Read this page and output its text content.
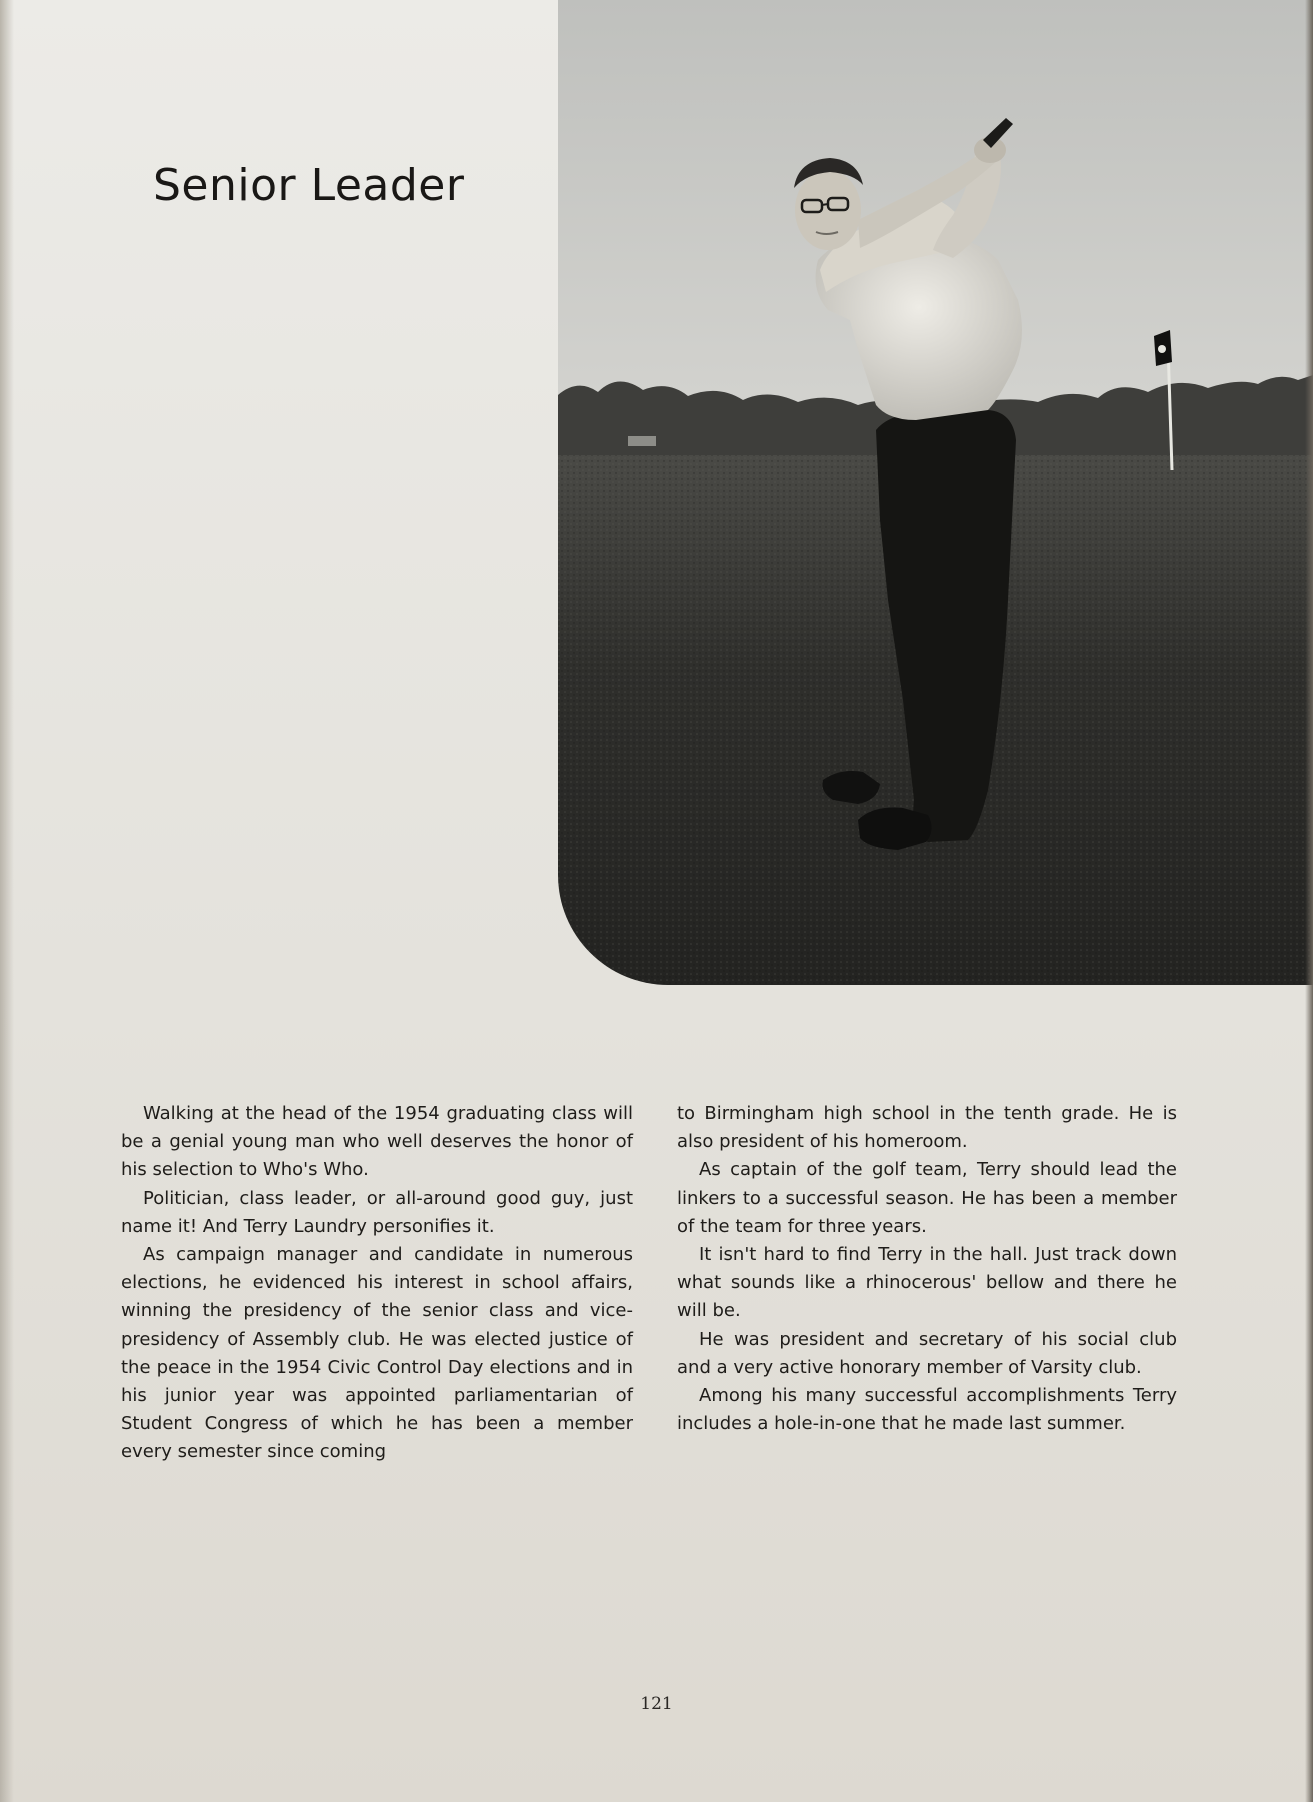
Senior Leader

Walking at the head of the 1954 graduating class will be a genial young man who well deserves the honor of his selection to Who's Who.

Politician, class leader, or all-around good guy, just name it! And Terry Laundry personifies it.

As campaign manager and candidate in numerous elections, he evidenced his interest in school affairs, winning the presidency of the senior class and vice-presidency of Assembly club. He was elected justice of the peace in the 1954 Civic Control Day elections and in his junior year was appointed parliamentarian of Student Congress of which he has been a member every semester since coming

to Birmingham high school in the tenth grade. He is also president of his homeroom.

As captain of the golf team, Terry should lead the linkers to a successful season. He has been a member of the team for three years.

It isn't hard to find Terry in the hall. Just track down what sounds like a rhinocerous' bellow and there he will be.

He was president and secretary of his social club and a very active honorary member of Varsity club.

Among his many successful accomplishments Terry includes a hole-in-one that he made last summer.

121
